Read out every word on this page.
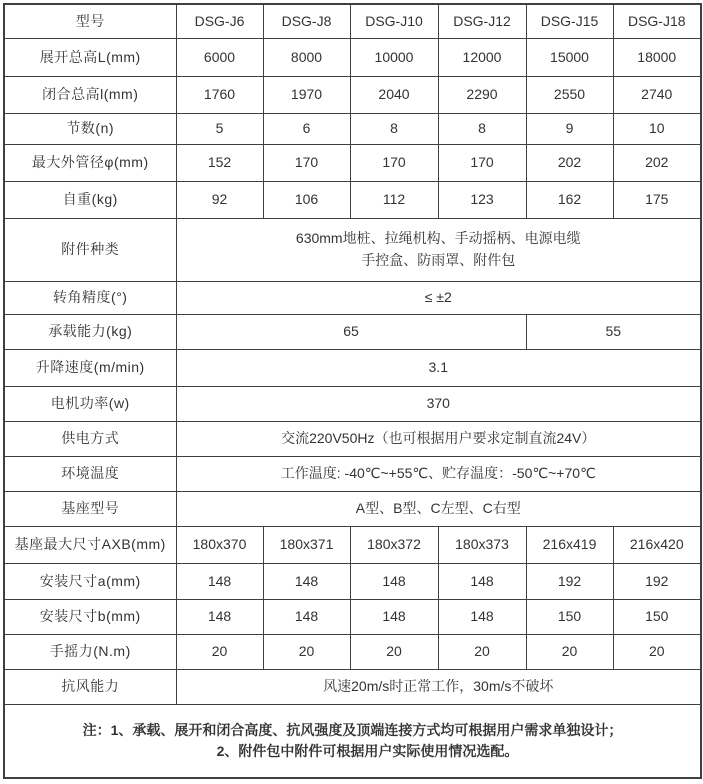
型号	DSG-J6	DSG-J8	DSG-J10	DSG-J12	DSG-J15	DSG-J18
展开总高L(mm)	6000	8000	10000	12000	15000	18000
闭合总高l(mm)	1760	1970	2040	2290	2550	2740
节数(n)	5	6	8	8	9	10
最大外管径φ(mm)	152	170	170	170	202	202
自重(kg)	92	106	112	123	162	175
附件种类	630mm地桩、拉绳机构、手动摇柄、电源电缆
手控盒、防雨罩、附件包					

转角精度(°)	≤ ±2					

承载能力(kg)	65				55	
升降速度(m/min)	3.1					

电机功率(w)	370					

供电方式	交流220V50Hz（也可根据用户要求定制直流24V）					

环境温度	工作温度: -40℃~+55℃、贮存温度：-50℃~+70℃					

基座型号	A型、B型、C左型、C右型					

基座最大尺寸AXB(mm)	180x370	180x371	180x372	180x373	216x419	216x420
安装尺寸a(mm)	148	148	148	148	192	192
安装尺寸b(mm)	148	148	148	148	150	150
手摇力(N.m)	20	20	20	20	20	20
抗风能力	风速20m/s时正常工作，30m/s不破坏					

注：1、承载、展开和闭合高度、抗风强度及顶端连接方式均可根据用户需求单独设计；
2、附件包中附件可根据用户实际使用情况选配。						
